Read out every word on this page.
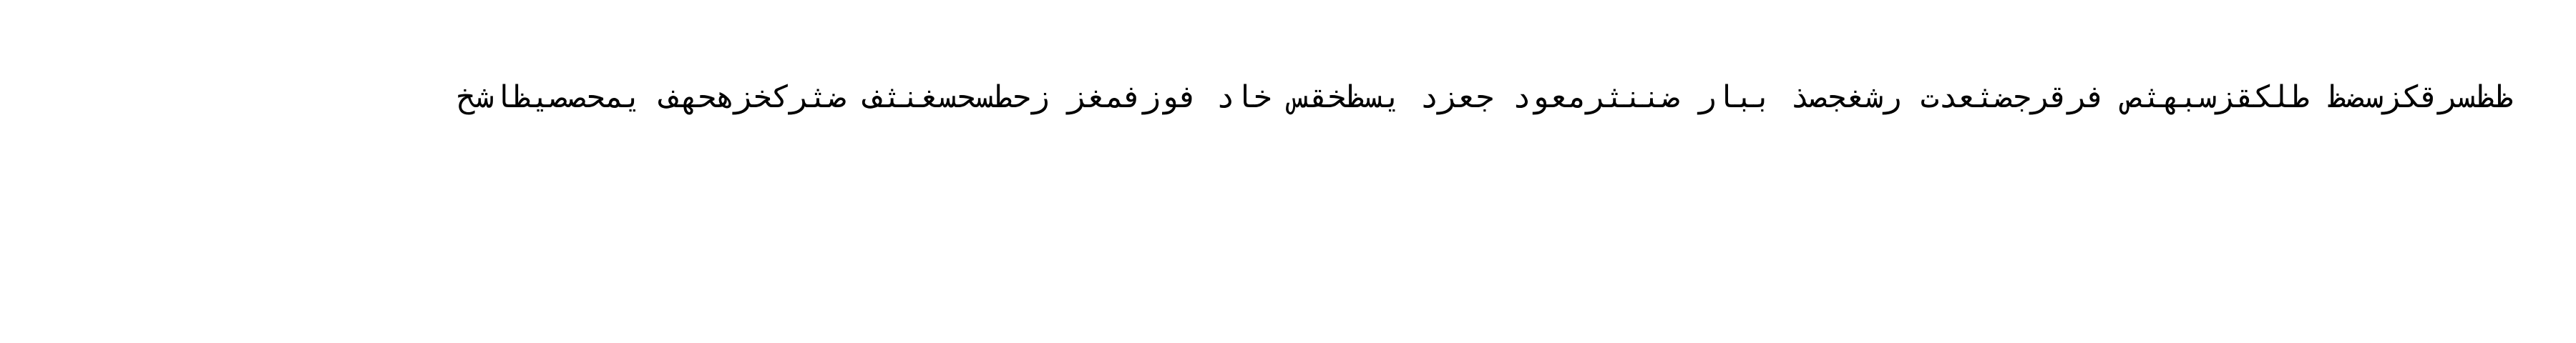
ظظسرقكزسضظ طلكقزسبهثص فرقرجضثعدت رشغجصذ ببار ضننثرمعود جعزد يسظخقس خاد فوزفمغز زحطسحسغنثف ضثركخزهحهف يمحصصيظاشخ
